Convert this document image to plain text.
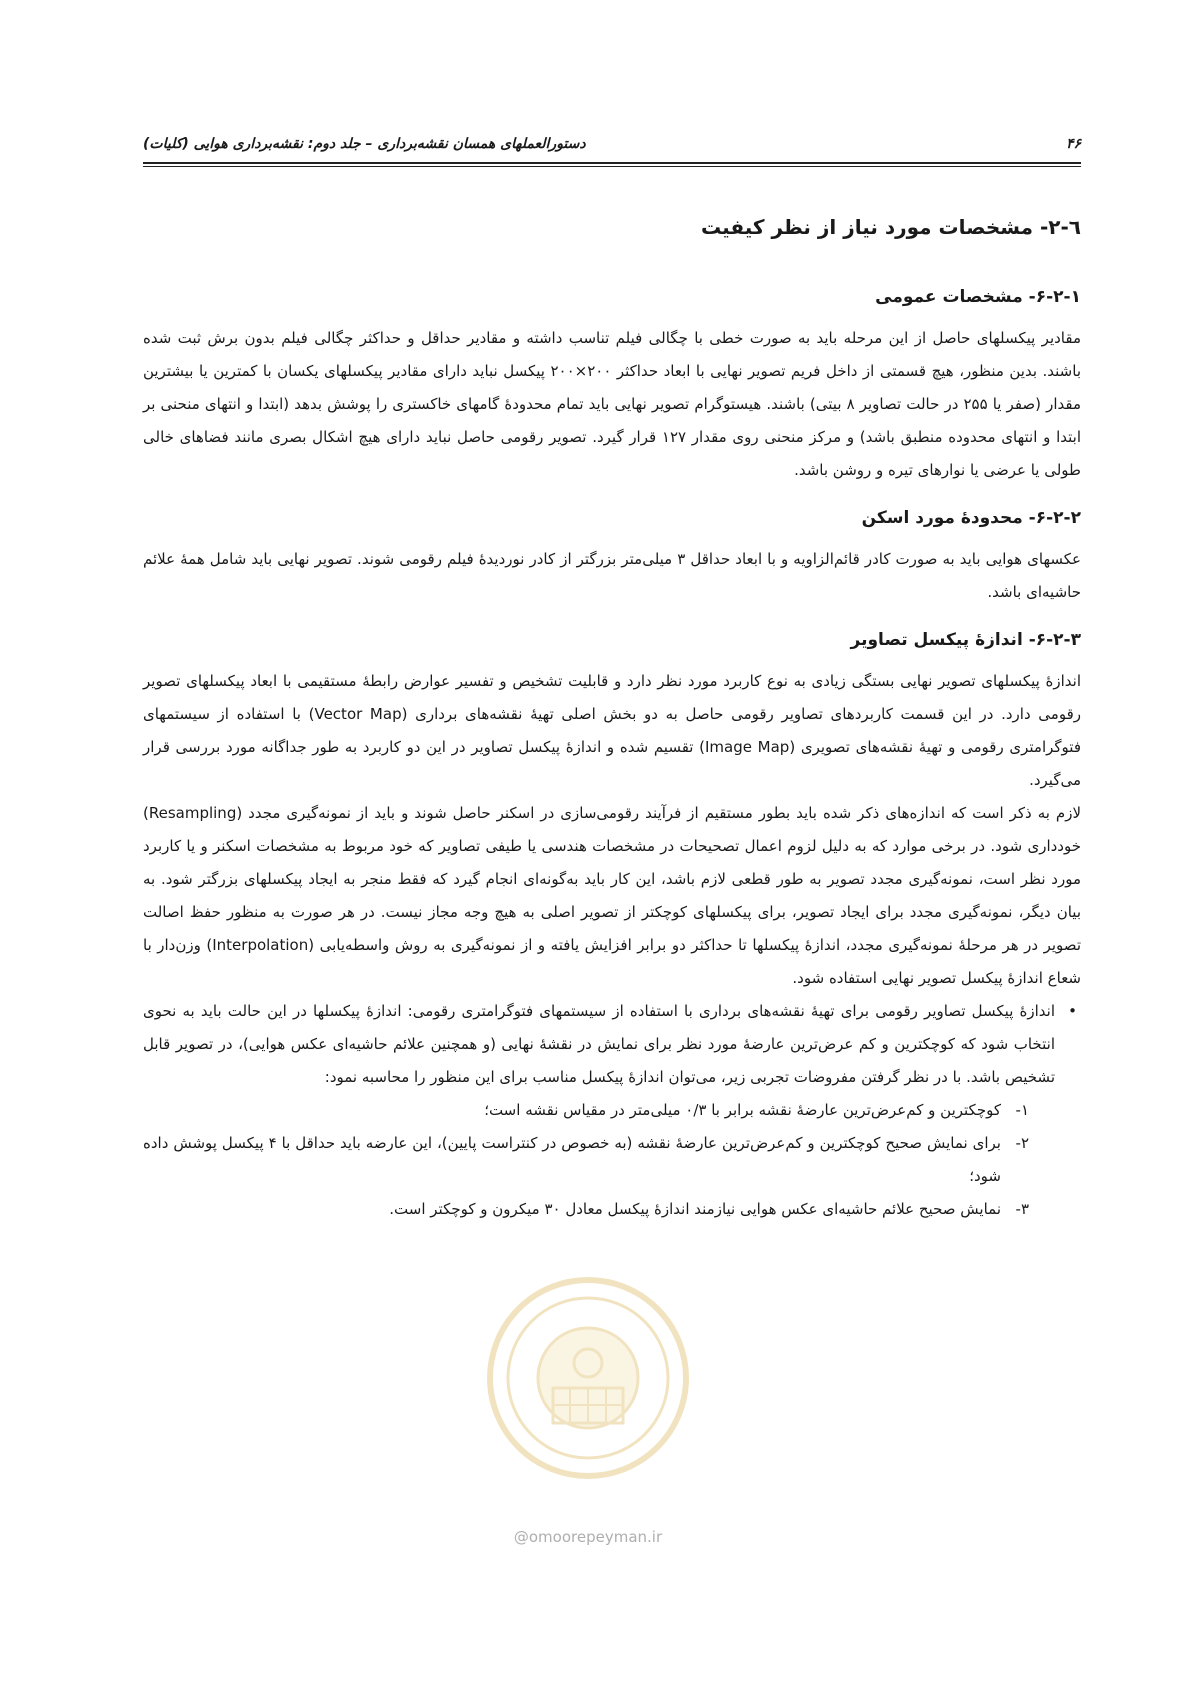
۴۶
دستورالعملهای همسان نقشه‌برداری – جلد دوم: نقشه‌برداری هوایی (کلیات)
٦-٢- مشخصات مورد نیاز از نظر کیفیت
۶-۲-۱- مشخصات عمومی

مقادیر پیکسلهای حاصل از این مرحله باید به صورت خطی با چگالی فیلم تناسب داشته و مقادیر حداقل و حداکثر چگالی فیلم بدون برش ثبت شده باشند. بدین منظور، هیچ قسمتی از داخل فریم تصویر نهایی با ابعاد حداکثر ۲۰۰×۲۰۰ پیکسل نباید دارای مقادیر پیکسلهای یکسان با کمترین یا بیشترین مقدار (صفر یا ۲۵۵ در حالت تصاویر ۸ بیتی) باشند. هیستوگرام تصویر نهایی باید تمام محدودهٔ گامهای خاکستری را پوشش بدهد (ابتدا و انتهای منحنی بر ابتدا و انتهای محدوده منطبق باشد) و مرکز منحنی روی مقدار ۱۲۷ قرار گیرد. تصویر رقومی حاصل نباید دارای هیچ اشکال بصری مانند فضاهای خالی طولی یا عرضی یا نوارهای تیره و روشن باشد.

۶-۲-۲- محدودهٔ مورد اسکن

عکسهای هوایی باید به صورت کادر قائم‌الزاویه و با ابعاد حداقل ۳ میلی‌متر بزرگتر از کادر نوردیدهٔ فیلم رقومی شوند. تصویر نهایی باید شامل همهٔ علائم حاشیه‌ای باشد.

۶-۲-۳- اندازهٔ پیکسل تصاویر

اندازهٔ پیکسلهای تصویر نهایی بستگی زیادی به نوع کاربرد مورد نظر دارد و قابلیت تشخیص و تفسیر عوارض رابطهٔ مستقیمی با ابعاد پیکسلهای تصویر رقومی دارد. در این قسمت کاربردهای تصاویر رقومی حاصل به دو بخش اصلی تهیهٔ نقشه‌های برداری (Vector Map) با استفاده از سیستمهای فتوگرامتری رقومی و تهیهٔ نقشه‌های تصویری (Image Map) تقسیم شده و اندازهٔ پیکسل تصاویر در این دو کاربرد به طور جداگانه مورد بررسی قرار می‌گیرد.

لازم به ذکر است که اندازه‌های ذکر شده باید بطور مستقیم از فرآیند رقومی‌سازی در اسکنر حاصل شوند و باید از نمونه‌گیری مجدد (Resampling) خودداری شود. در برخی موارد که به دلیل لزوم اعمال تصحیحات در مشخصات هندسی یا طیفی تصاویر که خود مربوط به مشخصات اسکنر و یا کاربرد مورد نظر است، نمونه‌گیری مجدد تصویر به طور قطعی لازم باشد، این کار باید به‌گونه‌ای انجام گیرد که فقط منجر به ایجاد پیکسلهای بزرگتر شود. به بیان دیگر، نمونه‌گیری مجدد برای ایجاد تصویر، برای پیکسلهای کوچکتر از تصویر اصلی به هیچ وجه مجاز نیست. در هر صورت به منظور حفظ اصالت تصویر در هر مرحلهٔ نمونه‌گیری مجدد، اندازهٔ پیکسلها تا حداکثر دو برابر افزایش یافته و از نمونه‌گیری به روش واسطه‌یابی (Interpolation) وزن‌دار با شعاع اندازهٔ پیکسل تصویر نهایی استفاده شود.

•
اندازهٔ پیکسل تصاویر رقومی برای تهیهٔ نقشه‌های برداری با استفاده از سیستمهای فتوگرامتری رقومی: اندازهٔ پیکسلها در این حالت باید به نحوی انتخاب شود که کوچکترین و کم عرض‌ترین عارضهٔ مورد نظر برای نمایش در نقشهٔ نهایی (و همچنین علائم حاشیه‌ای عکس هوایی)، در تصویر قابل تشخیص باشد. با در نظر گرفتن مفروضات تجربی زیر، می‌توان اندازهٔ پیکسل مناسب برای این منظور را محاسبه نمود:
۱-
کوچکترین و کم‌عرض‌ترین عارضهٔ نقشه برابر با ۰/۳ میلی‌متر در مقیاس نقشه است؛
۲-
برای نمایش صحیح کوچکترین و کم‌عرض‌ترین عارضهٔ نقشه (به خصوص در کنتراست پایین)، این عارضه باید حداقل با ۴ پیکسل پوشش داده شود؛
۳-
نمایش صحیح علائم حاشیه‌ای عکس هوایی نیازمند اندازهٔ پیکسل معادل ۳۰ میکرون و کوچکتر است.
@omoorepeyman.ir
